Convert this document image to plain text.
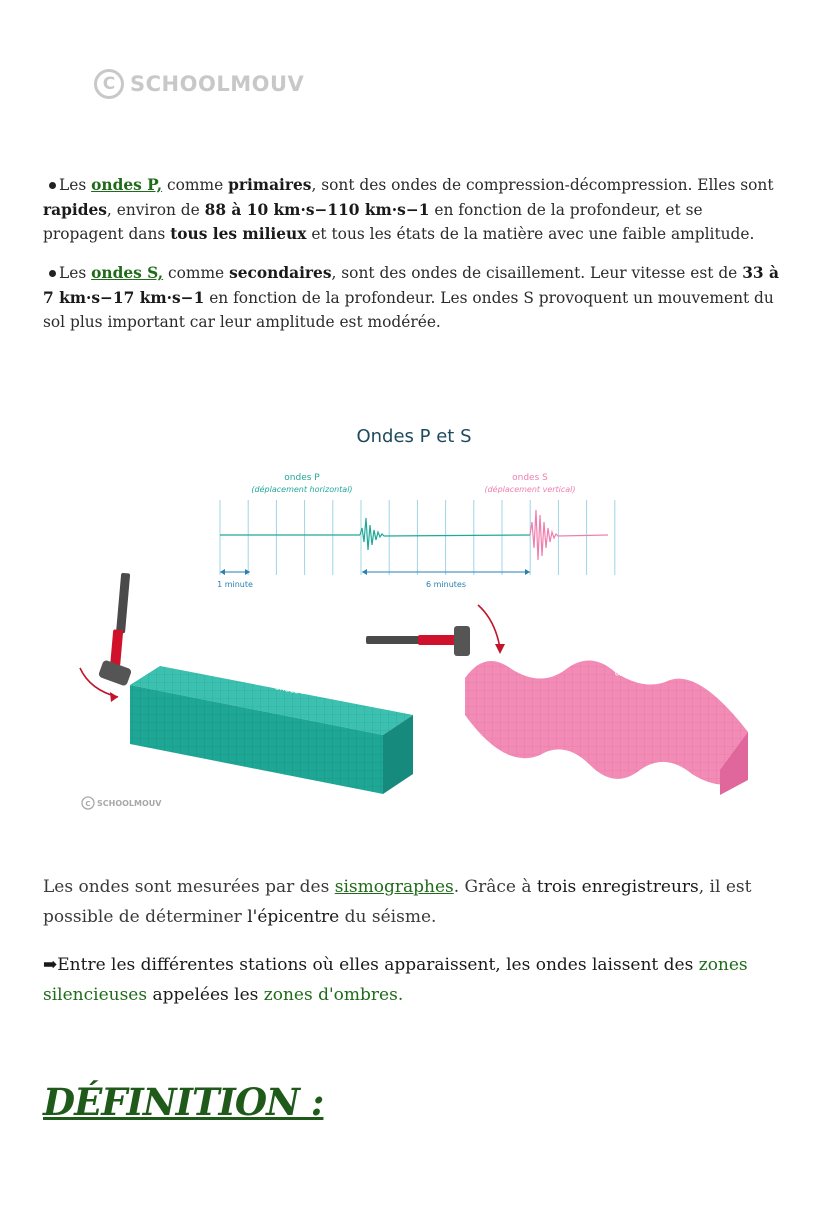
C SCHOOLMOUV
Les ondes P, comme primaires, sont des ondes de compression-décompression. Elles sont rapides, environ de 88 à 10 km·s−110 km·s−1 en fonction de la profondeur, et se propagent dans tous les milieux et tous les états de la matière avec une faible amplitude.
Les ondes S, comme secondaires, sont des ondes de cisaillement. Leur vitesse est de 33 à 7 km·s−17 km·s−1 en fonction de la profondeur. Les ondes S provoquent un mouvement du sol plus important car leur amplitude est modérée.
Ondes P et S
ondes P
(déplacement horizontal)
ondes S
(déplacement vertical)
1 minute	6 minutes
ondes P
ondes S
C SCHOOLMOUV
Les ondes sont mesurées par des sismographes. Grâce à trois enregistreurs, il est possible de déterminer l'épicentre du séisme.
➡Entre les différentes stations où elles apparaissent, les ondes laissent des zones silencieuses appelées les zones d'ombres.
DÉFINITION :
